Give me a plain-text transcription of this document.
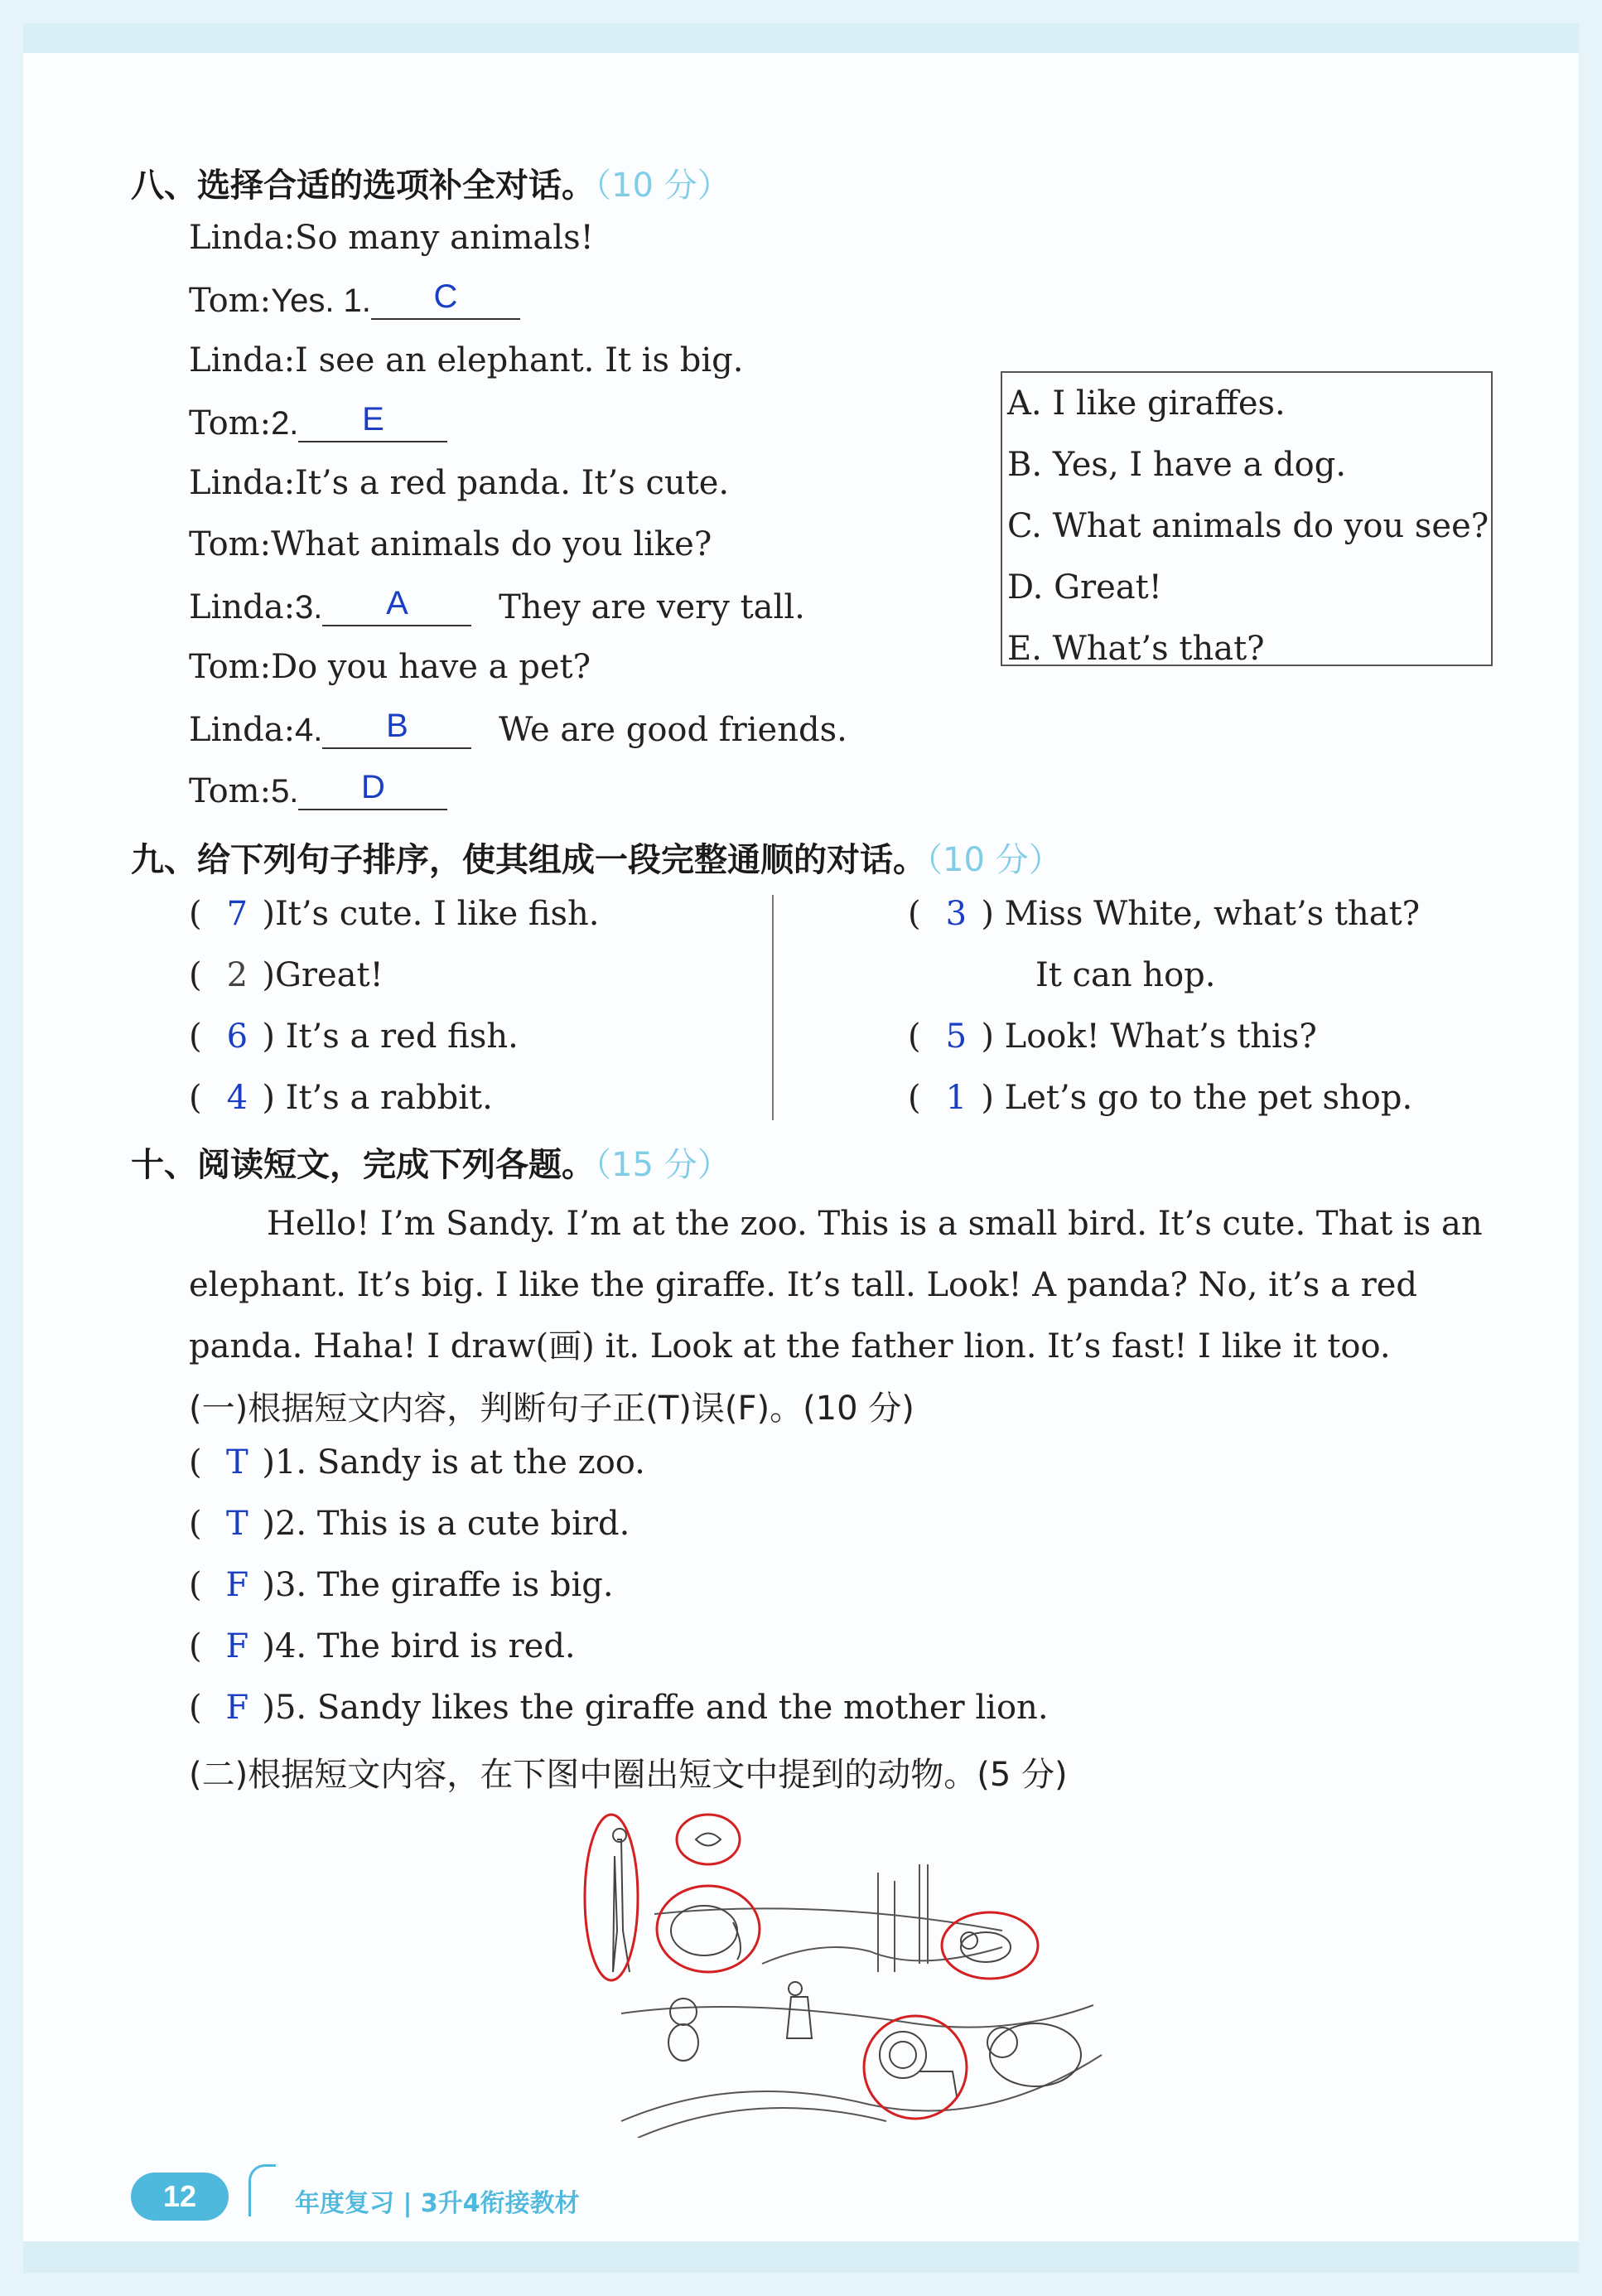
八、选择合适的选项补全对话。（10 分）
Linda:So many animals!
Tom:Yes. 1. C
Linda:I see an elephant. It is big.
Tom:2. E
Linda:It’s a red panda. It’s cute.
Tom:What animals do you like?
Linda:3. A They are very tall.
Tom:Do you have a pet?
Linda:4. B We are good friends.
Tom:5. D
A. I like giraffes.
B. Yes, I have a dog.
C. What animals do you see?
D. Great!
E. What’s that?
九、给下列句子排序，使其组成一段完整通顺的对话。（10 分）
( 7 )It’s cute. I like fish.
( 2 )Great!
( 6 ) It’s a red fish.
( 4 ) It’s a rabbit.
( 3 ) Miss White, what’s that?
It can hop.
( 5 ) Look! What’s this?
( 1 ) Let’s go to the pet shop.
十、阅读短文，完成下列各题。（15 分）
Hello! I’m Sandy. I’m at the zoo. This is a small bird. It’s cute. That is an elephant. It’s big. I like the giraffe. It’s tall. Look! A panda? No, it’s a red panda. Haha! I draw(画) it. Look at the father lion. It’s fast! I like it too.
(一)根据短文内容，判断句子正(T)误(F)。(10 分)
( T )1. Sandy is at the zoo.
( T )2. This is a cute bird.
( F )3. The giraffe is big.
( F )4. The bird is red.
( F )5. Sandy likes the giraffe and the mother lion.
(二)根据短文内容，在下图中圈出短文中提到的动物。(5 分)
12	年度复习 | 3升4衔接教材
